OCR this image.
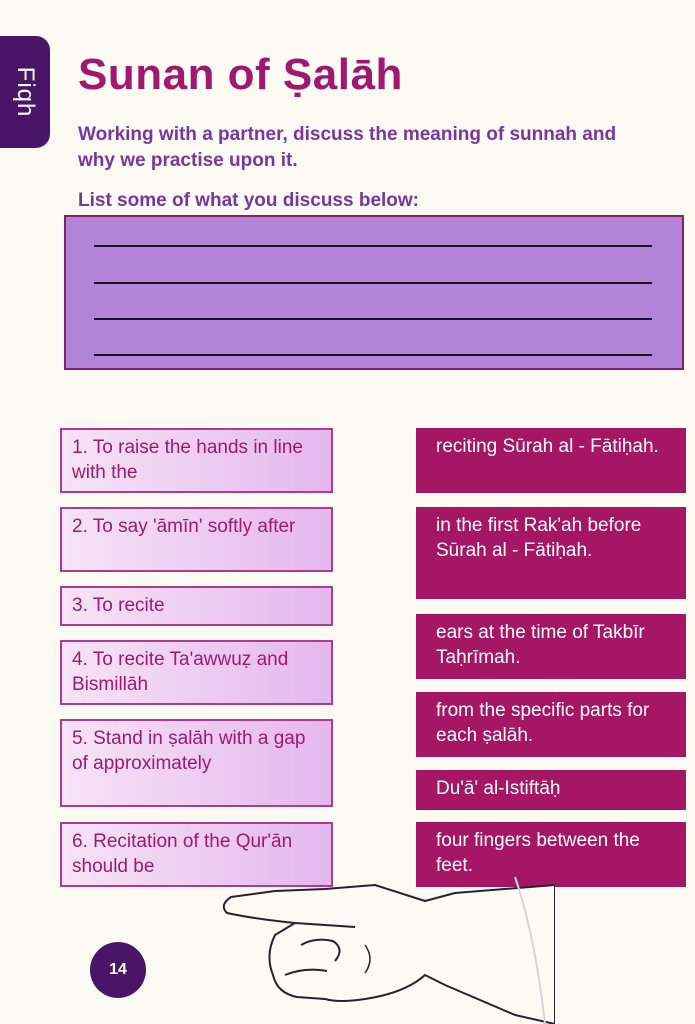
Fiqh Sunan of Ṣalāh

Working with a partner, discuss the meaning of sunnah and why we practise upon it.

List some of what you discuss below:

1. To raise the hands in line with the
2. To say 'āmīn' softly after
3. To recite
4. To recite Ta'awwuẓ and Bismillāh
5. Stand in ṣalāh with a gap of approximately
6. Recitation of the Qur'ān should be
reciting Sūrah al - Fātiḥah.
in the first Rak'ah before Sūrah al - Fātiḥah.
ears at the time of Takbīr Taḥrīmah.
from the specific parts for each ṣalāh.
Du'ā' al-Istiftāḥ
four fingers between the feet.
14
